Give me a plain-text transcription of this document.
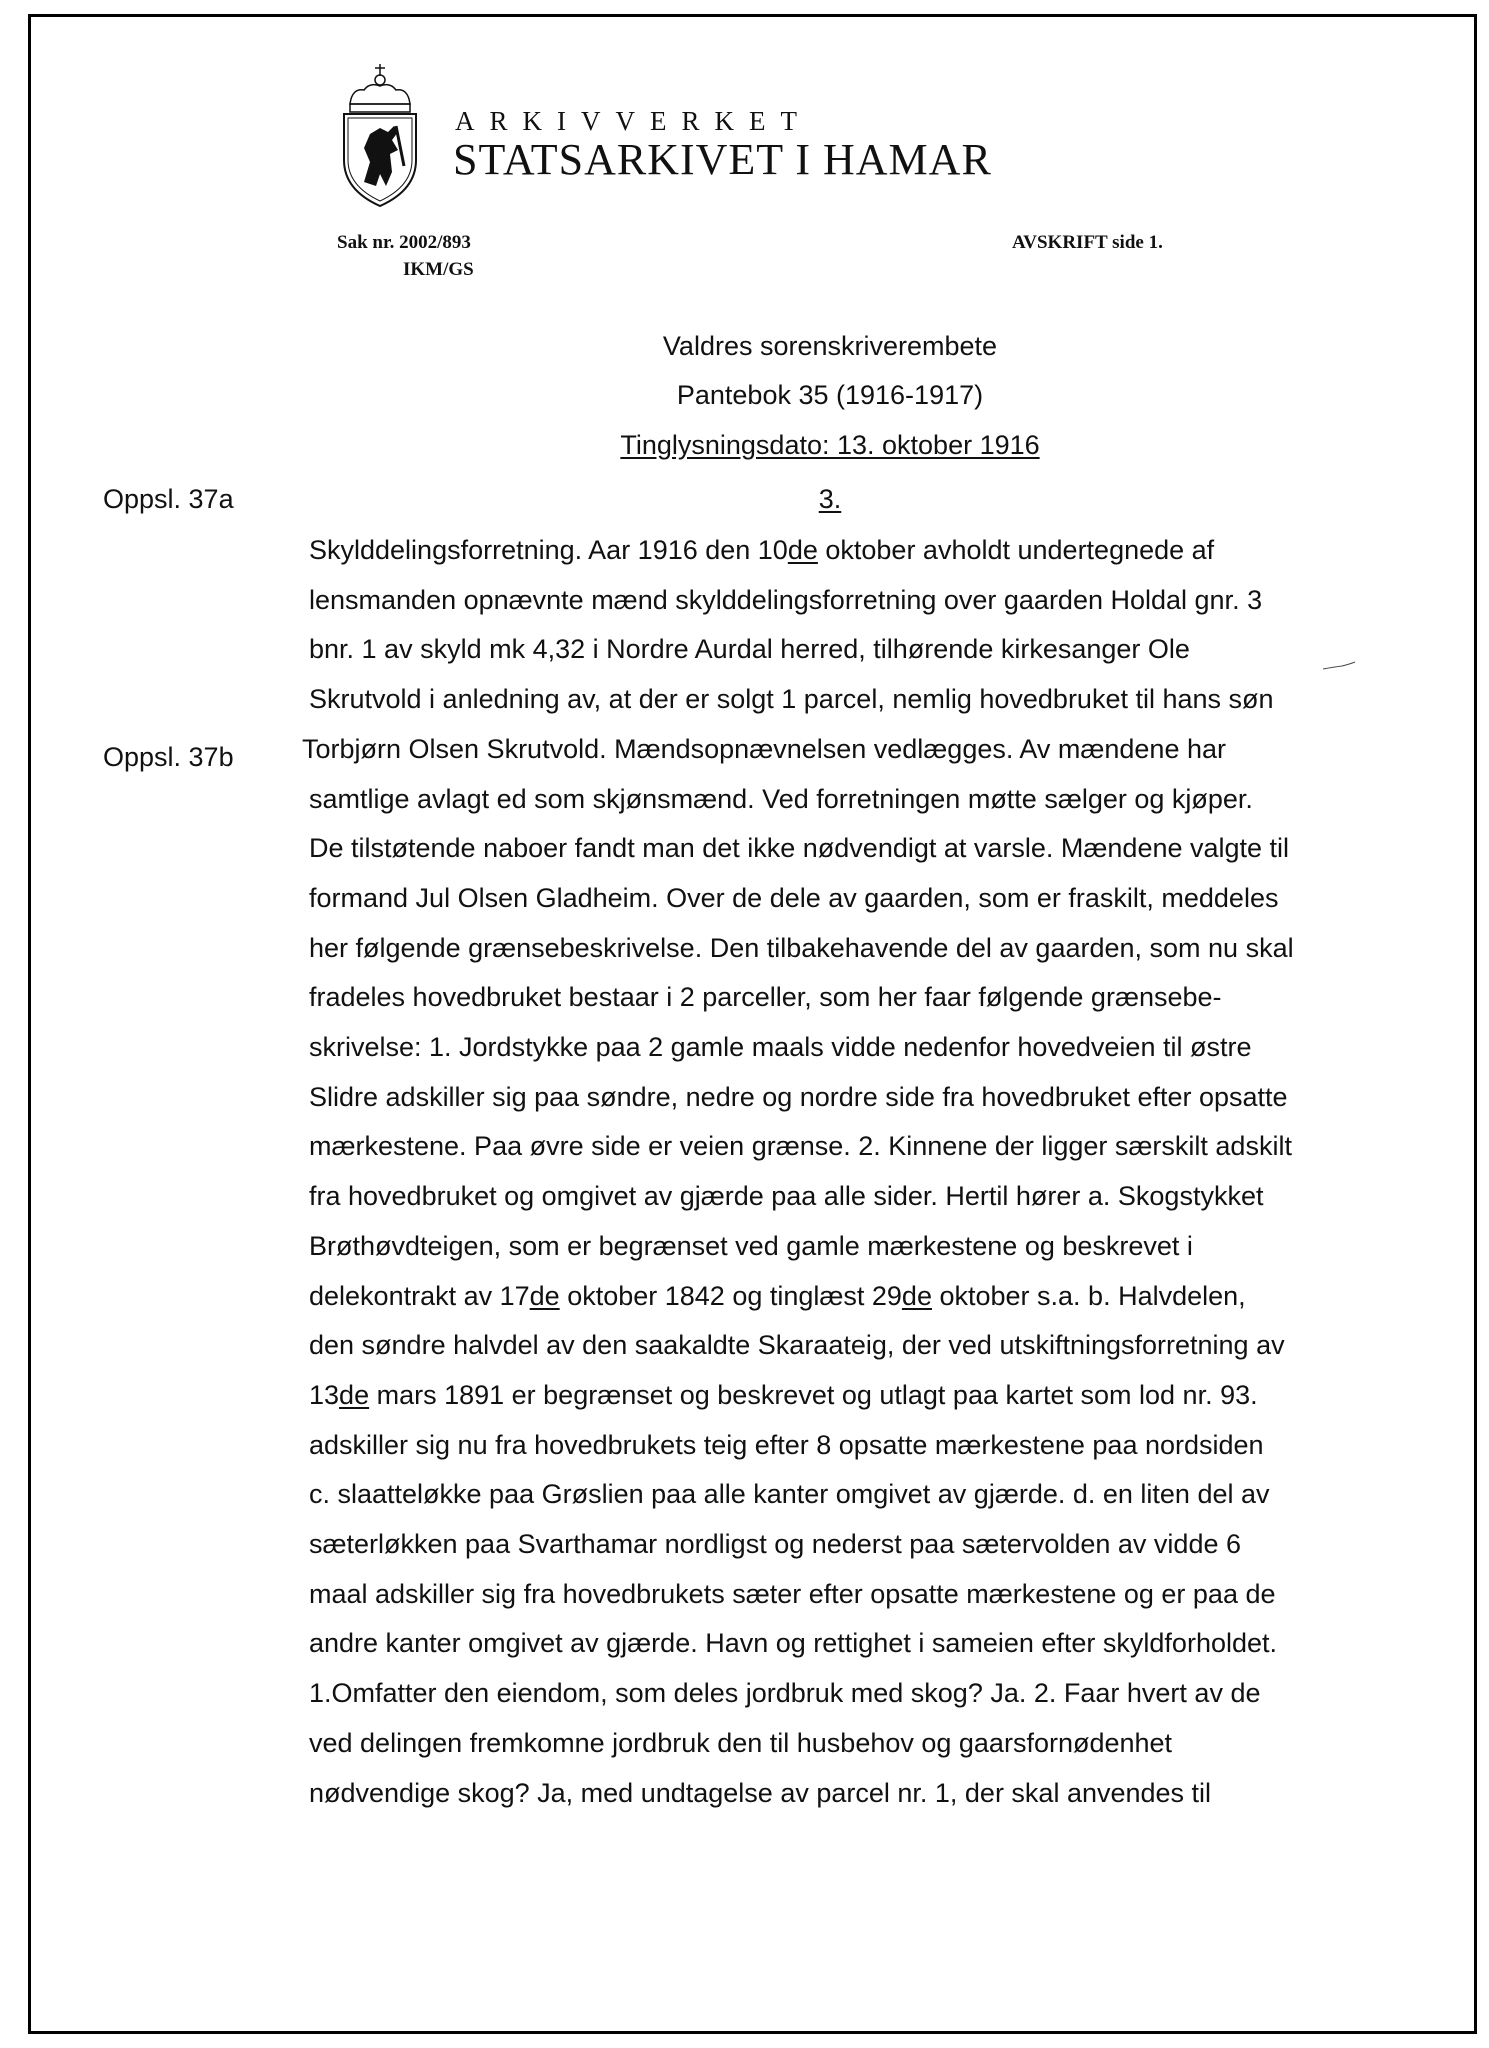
ARKIVVERKET
STATSARKIVET I HAMAR
Sak nr. 2002/893
IKM/GS
AVSKRIFT side 1.
Valdres sorenskriverembete
Pantebok 35 (1916-1917)
Tinglysningsdato: 13. oktober 1916
3.
Oppsl. 37a
Oppsl. 37b
Skylddelingsforretning. Aar 1916 den 10de oktober avholdt undertegnede af
lensmanden opnævnte mænd skylddelingsforretning over gaarden Holdal gnr. 3
bnr. 1 av skyld mk 4,32 i Nordre Aurdal herred, tilhørende kirkesanger Ole
Skrutvold i anledning av, at der er solgt 1 parcel, nemlig hovedbruket til hans søn
Torbjørn Olsen Skrutvold. Mændsopnævnelsen vedlægges. Av mændene har
samtlige avlagt ed som skjønsmænd. Ved forretningen møtte sælger og kjøper.
De tilstøtende naboer fandt man det ikke nødvendigt at varsle. Mændene valgte til
formand Jul Olsen Gladheim. Over de dele av gaarden, som er fraskilt, meddeles
her følgende grænsebeskrivelse. Den tilbakehavende del av gaarden, som nu skal
fradeles hovedbruket bestaar i 2 parceller, som her faar følgende grænsebe-
skrivelse: 1. Jordstykke paa 2 gamle maals vidde nedenfor hovedveien til østre
Slidre adskiller sig paa søndre, nedre og nordre side fra hovedbruket efter opsatte
mærkestene. Paa øvre side er veien grænse. 2. Kinnene der ligger særskilt adskilt
fra hovedbruket og omgivet av gjærde paa alle sider. Hertil hører a. Skogstykket
Brøthøvdteigen, som er begrænset ved gamle mærkestene og beskrevet i
delekontrakt av 17de oktober 1842 og tinglæst 29de oktober s.a. b. Halvdelen,
den søndre halvdel av den saakaldte Skaraateig, der ved utskiftningsforretning av
13de mars 1891 er begrænset og beskrevet og utlagt paa kartet som lod nr. 93.
adskiller sig nu fra hovedbrukets teig efter 8 opsatte mærkestene paa nordsiden
c. slaatteløkke paa Grøslien paa alle kanter omgivet av gjærde. d. en liten del av
sæterløkken paa Svarthamar nordligst og nederst paa sætervolden av vidde 6
maal adskiller sig fra hovedbrukets sæter efter opsatte mærkestene og er paa de
andre kanter omgivet av gjærde. Havn og rettighet i sameien efter skyldforholdet.
1.Omfatter den eiendom, som deles jordbruk med skog? Ja. 2. Faar hvert av de
ved delingen fremkomne jordbruk den til husbehov og gaarsfornødenhet
nødvendige skog? Ja, med undtagelse av parcel nr. 1, der skal anvendes til
